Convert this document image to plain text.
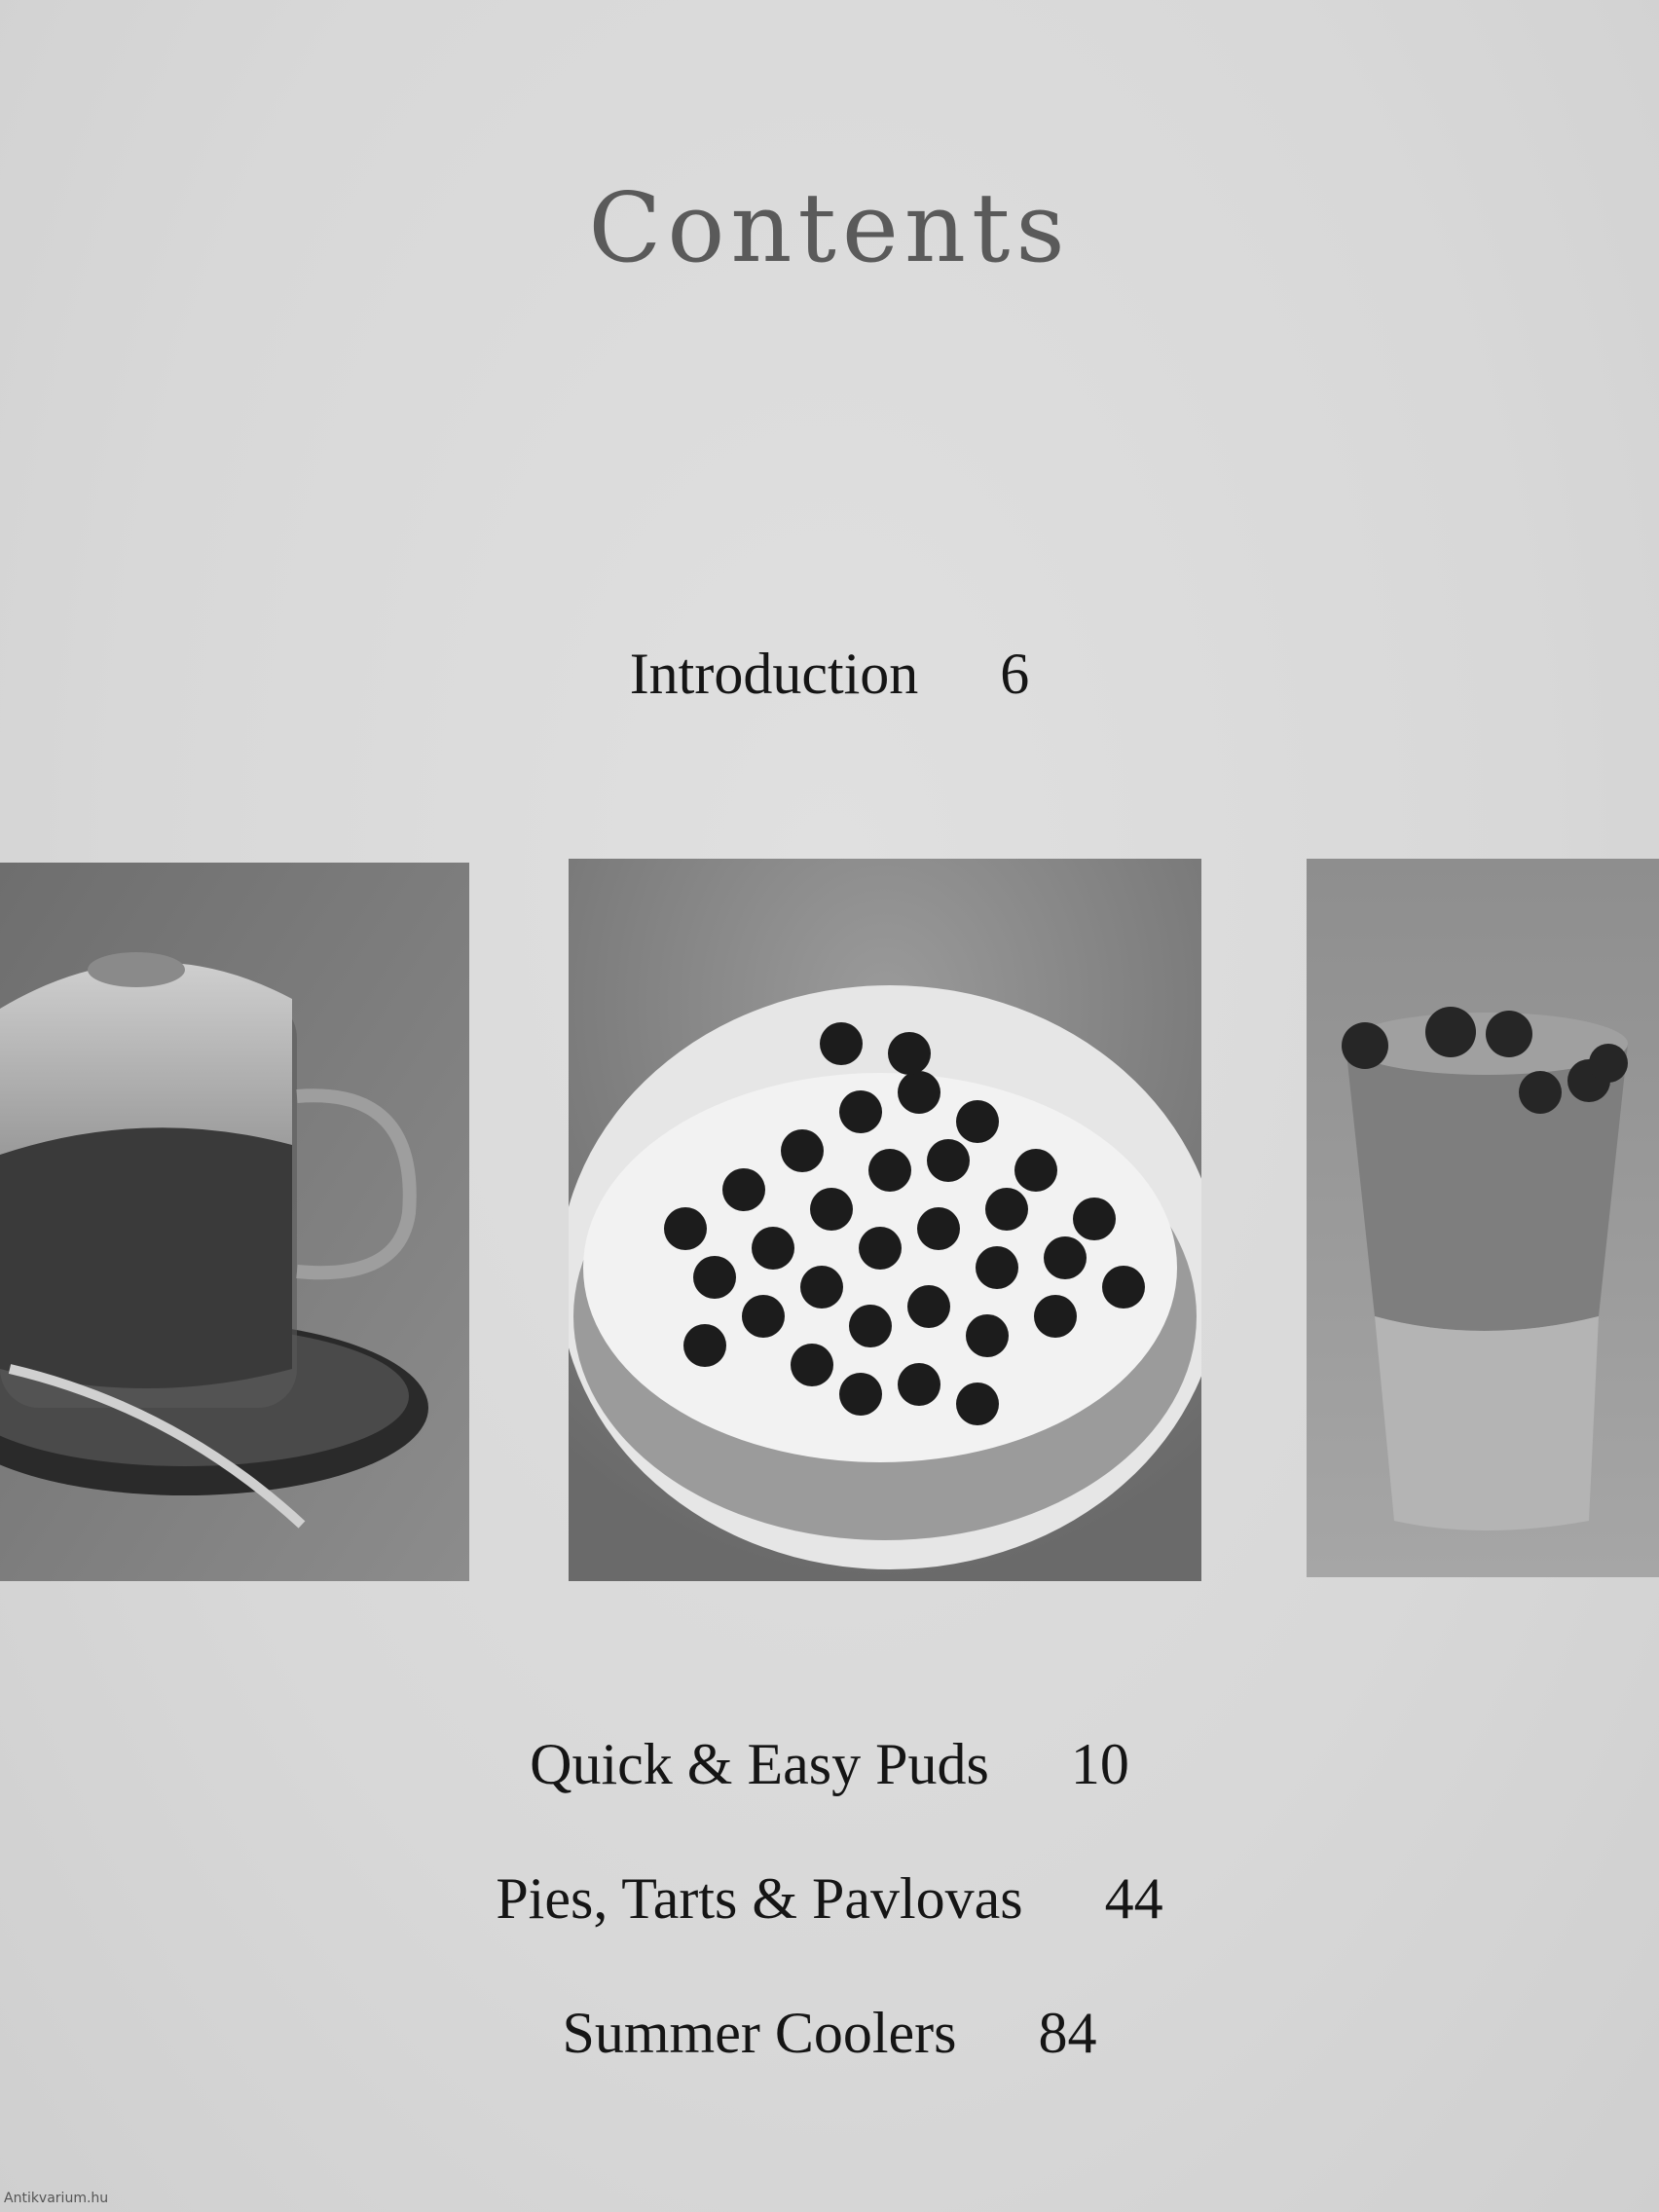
Contents
Introduction 6
Quick & Easy Puds 10
Pies, Tarts & Pavlovas 44
Summer Coolers 84
Antikvarium.hu
